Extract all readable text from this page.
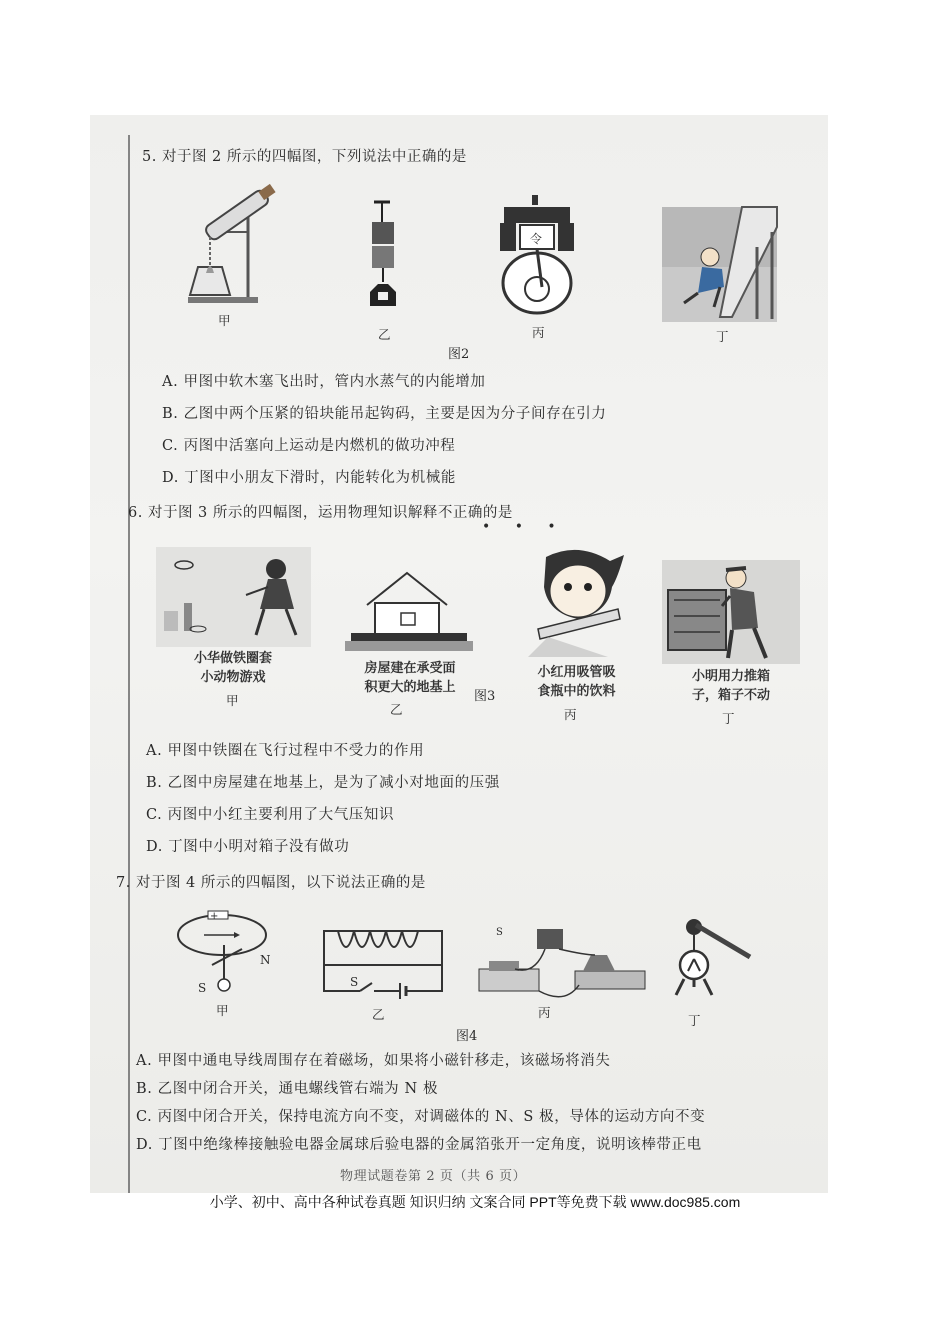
5. 对于图 2 所示的四幅图，下列说法中正确的是
甲
乙
令
丙	丁
图2
A. 甲图中软木塞飞出时，管内水蒸气的内能增加
B. 乙图中两个压紧的铅块能吊起钩码，主要是因为分子间存在引力
C. 丙图中活塞向上运动是内燃机的做功冲程
D. 丁图中小朋友下滑时，内能转化为机械能
6. 对于图 3 所示的四幅图，运用物理知识解释不正确的是
• • •
小华做铁圈套
小动物游戏
甲
房屋建在承受面
积更大的地基上
乙
小红用吸管吸
食瓶中的饮料
丙
小明用力推箱
子，箱子不动
丁
图3
A. 甲图中铁圈在飞行过程中不受力的作用
B. 乙图中房屋建在地基上，是为了减小对地面的压强
C. 丙图中小红主要利用了大气压知识
D. 丁图中小明对箱子没有做功
7. 对于图 4 所示的四幅图，以下说法正确的是
+
N
S
甲
S
乙
S
丙
丁
图4
A. 甲图中通电导线周围存在着磁场，如果将小磁针移走，该磁场将消失
B. 乙图中闭合开关，通电螺线管右端为 N 极
C. 丙图中闭合开关，保持电流方向不变，对调磁体的 N、S 极，导体的运动方向不变
D. 丁图中绝缘棒接触验电器金属球后验电器的金属箔张开一定角度，说明该棒带正电
物理试题卷第 2 页（共 6 页）
小学、初中、高中各种试卷真题 知识归纳 文案合同 PPT等免费下载 www.doc985.com
